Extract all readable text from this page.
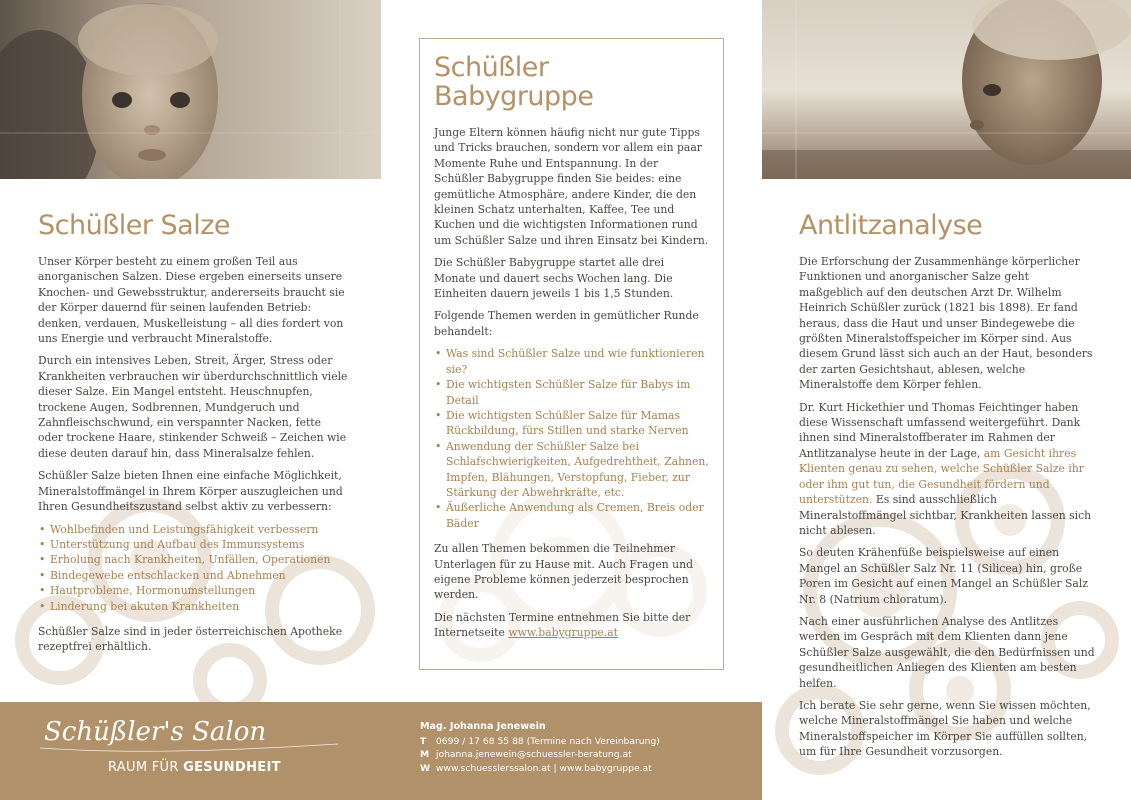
Schüßler Salze

Unser Körper besteht zu einem großen Teil aus anorganischen Salzen. Diese ergeben einerseits unsere Knochen- und Gewebsstruktur, andererseits braucht sie der Körper dauernd für seinen laufenden Betrieb: denken, verdauen, Muskelleistung – all dies fordert von uns Energie und verbraucht Mineralstoffe.

Durch ein intensives Leben, Streit, Ärger, Stress oder Krankheiten verbrauchen wir überdurchschnittlich viele dieser Salze. Ein Mangel entsteht. Heuschnupfen, trockene Augen, Sodbrennen, Mundgeruch und Zahnfleischschwund, ein verspannter Nacken, fette oder trockene Haare, stinkender Schweiß – Zeichen wie diese deuten darauf hin, dass Mineralsalze fehlen.

Schüßler Salze bieten Ihnen eine einfache Möglichkeit, Mineralstoffmängel in Ihrem Körper auszugleichen und Ihren Gesundheitszustand selbst aktiv zu verbessern:

• Wohlbefinden und Leistungsfähigkeit verbessern
• Unterstützung und Aufbau des Immunsystems
• Erholung nach Krankheiten, Unfällen, Operationen
• Bindegewebe entschlacken und Abnehmen
• Hautprobleme, Hormonumstellungen
• Linderung bei akuten Krankheiten

Schüßler Salze sind in jeder österreichischen Apotheke rezeptfrei erhältlich.

Schüßler
Babygruppe

Junge Eltern können häufig nicht nur gute Tipps und Tricks brauchen, sondern vor allem ein paar Momente Ruhe und Entspannung. In der Schüßler Babygruppe finden Sie beides: eine gemütliche Atmosphäre, andere Kinder, die den kleinen Schatz unterhalten, Kaffee, Tee und Kuchen und die wichtigsten Informationen rund um Schüßler Salze und ihren Einsatz bei Kindern.

Die Schüßler Babygruppe startet alle drei Monate und dauert sechs Wochen lang. Die Einheiten dauern jeweils 1 bis 1,5 Stunden.

Folgende Themen werden in gemütlicher Runde behandelt:

• Was sind Schüßler Salze und wie funktionieren sie?
• Die wichtigsten Schüßler Salze für Babys im Detail
• Die wichtigsten Schüßler Salze für Mamas Rückbildung, fürs Stillen und starke Nerven
• Anwendung der Schüßler Salze bei Schlafschwierigkeiten, Aufgedrehtheit, Zahnen, Impfen, Blähungen, Verstopfung, Fieber, zur Stärkung der Abwehrkräfte, etc.
• Äußerliche Anwendung als Cremen, Breis oder Bäder

Zu allen Themen bekommen die Teilnehmer Unterlagen für zu Hause mit. Auch Fragen und eigene Probleme können jederzeit besprochen werden.

Die nächsten Termine entnehmen Sie bitte der Internetseite www.babygruppe.at

Antlitzanalyse

Die Erforschung der Zusammenhänge körperlicher Funktionen und anorganischer Salze geht maßgeblich auf den deutschen Arzt Dr. Wilhelm Heinrich Schüßler zurück (1821 bis 1898). Er fand heraus, dass die Haut und unser Bindegewebe die größten Mineralstoffspeicher im Körper sind. Aus diesem Grund lässt sich auch an der Haut, besonders der zarten Gesichtshaut, ablesen, welche Mineralstoffe dem Körper fehlen.

Dr. Kurt Hickethier und Thomas Feichtinger haben diese Wissenschaft umfassend weitergeführt. Dank ihnen sind Mineralstoffberater im Rahmen der Antlitzanalyse heute in der Lage, am Gesicht ihres Klienten genau zu sehen, welche Schüßler Salze ihr oder ihm gut tun, die Gesundheit fördern und unterstützen. Es sind ausschließlich Mineralstoffmängel sichtbar, Krankheiten lassen sich nicht ablesen.

So deuten Krähenfüße beispielsweise auf einen Mangel an Schüßler Salz Nr. 11 (Silicea) hin, große Poren im Gesicht auf einen Mangel an Schüßler Salz Nr. 8 (Natrium chloratum).

Nach einer ausführlichen Analyse des Antlitzes werden im Gespräch mit dem Klienten dann jene Schüßler Salze ausgewählt, die den Bedürfnissen und gesundheitlichen Anliegen des Klienten am besten helfen.

Ich berate Sie sehr gerne, wenn Sie wissen möchten, welche Mineralstoffmängel Sie haben und welche Mineralstoffspeicher im Körper Sie auffüllen sollten, um für Ihre Gesundheit vorzusorgen.

Schüßler's Salon
RAUM FÜR GESUNDHEIT
Mag. Johanna Jenewein
T 0699 / 17 68 55 88 (Termine nach Vereinbarung)
M johanna.jenewein@schuessler-beratung.at
W www.schuesslerssalon.at | www.babygruppe.at
